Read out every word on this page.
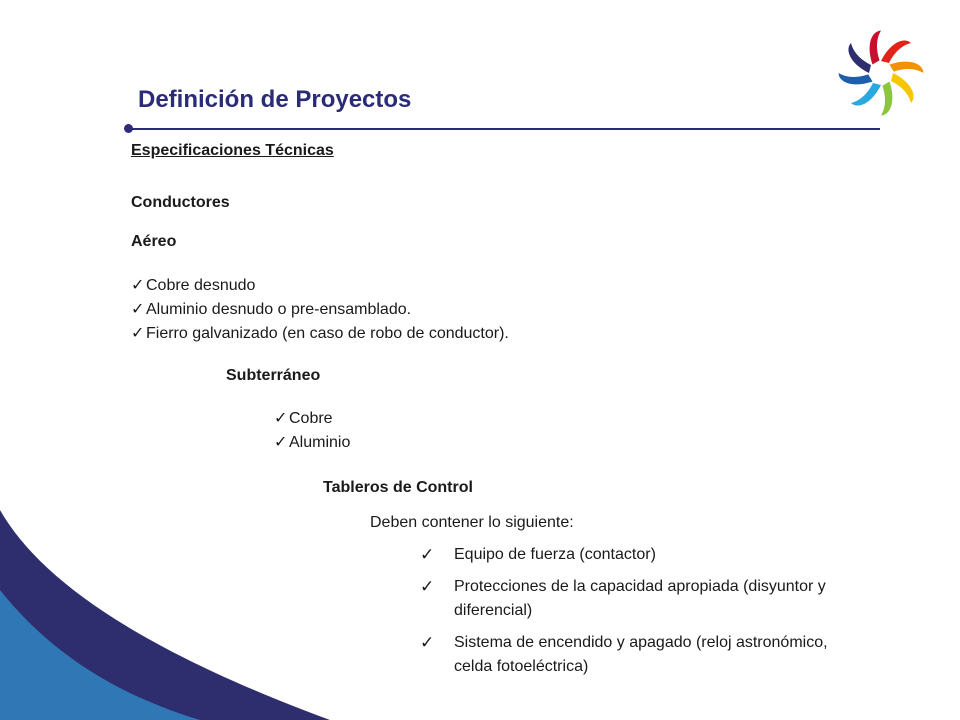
Definición de Proyectos
Especificaciones Técnicas
Conductores
Aéreo
✓Cobre desnudo
✓Aluminio desnudo o pre-ensamblado.
✓Fierro galvanizado (en caso de robo de conductor).
Subterráneo
✓Cobre
✓Aluminio
Tableros de Control
Deben contener lo siguiente:
✓ Equipo de fuerza (contactor)
✓ Protecciones de la capacidad apropiada (disyuntor y diferencial)
✓ Sistema de encendido y apagado (reloj astronómico, celda fotoeléctrica)
